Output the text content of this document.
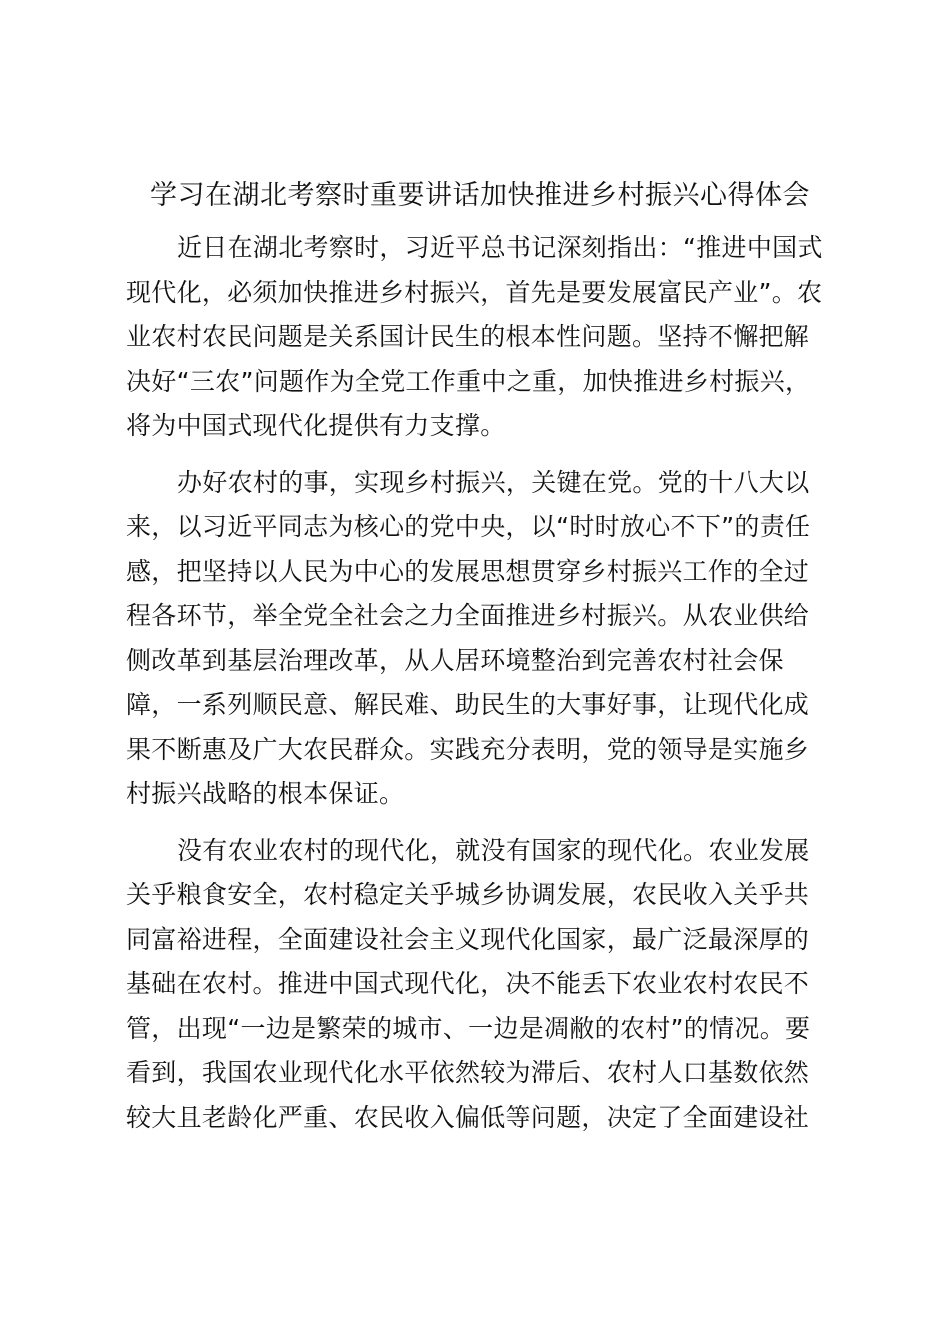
学习在湖北考察时重要讲话加快推进乡村振兴心得体会

近日在湖北考察时，习近平总书记深刻指出：“推进中国式
现代化，必须加快推进乡村振兴，首先是要发展富民产业”。农
业农村农民问题是关系国计民生的根本性问题。坚持不懈把解
决好“三农”问题作为全党工作重中之重，加快推进乡村振兴，
将为中国式现代化提供有力支撑。

办好农村的事，实现乡村振兴，关键在党。党的十八大以
来，以习近平同志为核心的党中央，以“时时放心不下”的责任
感，把坚持以人民为中心的发展思想贯穿乡村振兴工作的全过
程各环节，举全党全社会之力全面推进乡村振兴。从农业供给
侧改革到基层治理改革，从人居环境整治到完善农村社会保
障，一系列顺民意、解民难、助民生的大事好事，让现代化成
果不断惠及广大农民群众。实践充分表明，党的领导是实施乡
村振兴战略的根本保证。

没有农业农村的现代化，就没有国家的现代化。农业发展
关乎粮食安全，农村稳定关乎城乡协调发展，农民收入关乎共
同富裕进程，全面建设社会主义现代化国家，最广泛最深厚的
基础在农村。推进中国式现代化，决不能丢下农业农村农民不
管，出现“一边是繁荣的城市、一边是凋敝的农村”的情况。要
看到，我国农业现代化水平依然较为滞后、农村人口基数依然
较大且老龄化严重、农民收入偏低等问题，决定了全面建设社
